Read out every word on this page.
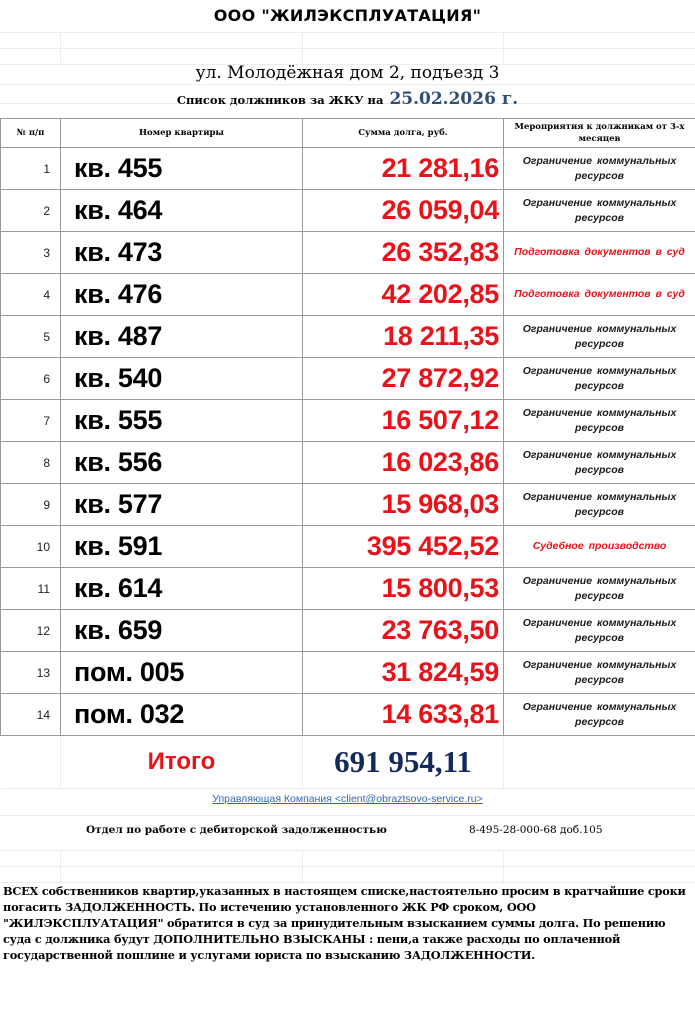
ООО "ЖИЛЭКСПЛУАТАЦИЯ"
ул. Молодёжная дом 2, подъезд 3
Список должников за ЖКУ на 25.02.2026 г.
№ п/п	Номер квартиры	Сумма долга, руб.	Мероприятия к должникам от 3-х месяцев
1	кв. 455	21 281,16	Ограничение коммунальных ресурсов
2	кв. 464	26 059,04	Ограничение коммунальных ресурсов
3	кв. 473	26 352,83	Подготовка документов в суд
4	кв. 476	42 202,85	Подготовка документов в суд
5	кв. 487	18 211,35	Ограничение коммунальных ресурсов
6	кв. 540	27 872,92	Ограничение коммунальных ресурсов
7	кв. 555	16 507,12	Ограничение коммунальных ресурсов
8	кв. 556	16 023,86	Ограничение коммунальных ресурсов
9	кв. 577	15 968,03	Ограничение коммунальных ресурсов
10	кв. 591	395 452,52	Судебное производство
11	кв. 614	15 800,53	Ограничение коммунальных ресурсов
12	кв. 659	23 763,50	Ограничение коммунальных ресурсов
13	пом. 005	31 824,59	Ограничение коммунальных ресурсов
14	пом. 032	14 633,81	Ограничение коммунальных ресурсов
	Итого	691 954,11	
Управляющая Компания <client@obraztsovo-service.ru>
Отдел по работе с дебиторской задолженностью	8-495-28-000-68 доб.105
ВСЕХ собственников квартир,указанных в настоящем списке,настоятельно просим в кратчайшие сроки погасить ЗАДОЛЖЕННОСТЬ. По истечению установленного ЖК РФ сроком, ООО "ЖИЛЭКСПЛУАТАЦИЯ" обратится в суд за принудительным взысканием суммы долга. По решению суда с должника будут ДОПОЛНИТЕЛЬНО ВЗЫСКАНЫ : пени,а также расходы по оплаченной государственной пошлине и услугами юриста по взысканию ЗАДОЛЖЕННОСТИ.
